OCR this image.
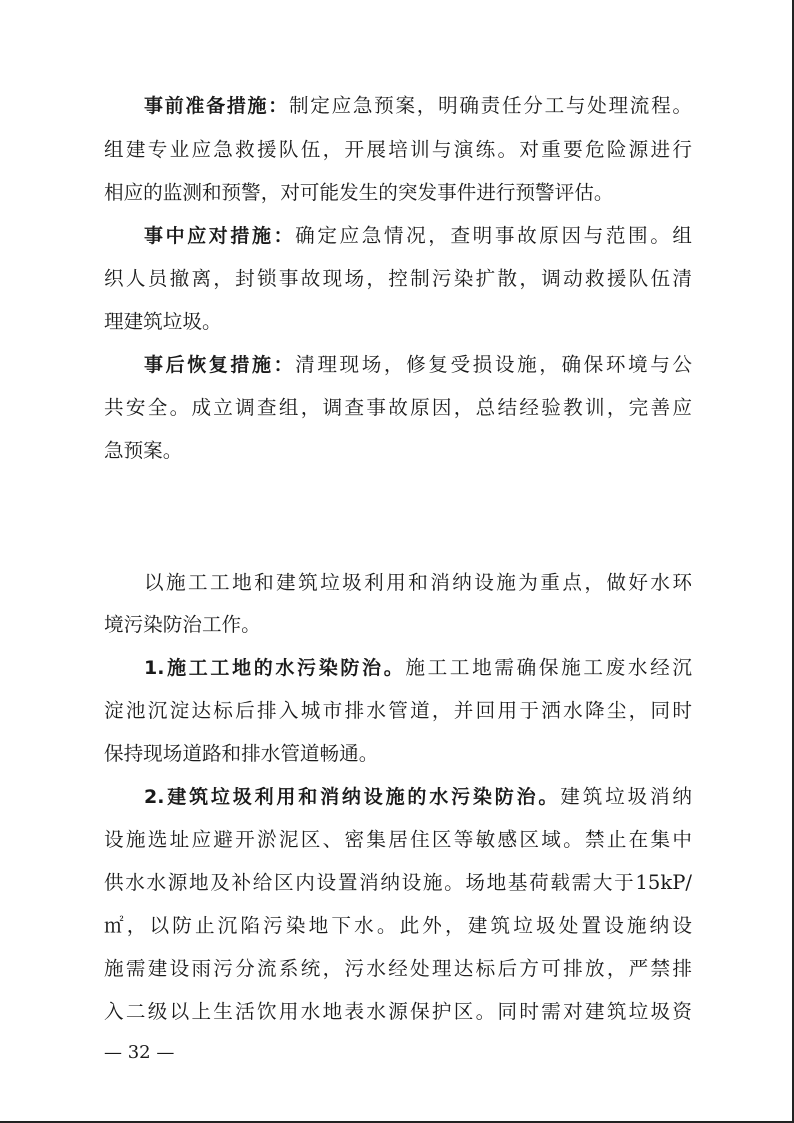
事前准备措施：制定应急预案，明确责任分工与处理流程。
组建专业应急救援队伍，开展培训与演练。对重要危险源进行
相应的监测和预警，对可能发生的突发事件进行预警评估。
事中应对措施：确定应急情况，查明事故原因与范围。组
织人员撤离，封锁事故现场，控制污染扩散，调动救援队伍清
理建筑垃圾。
事后恢复措施：清理现场，修复受损设施，确保环境与公
共安全。成立调查组，调查事故原因，总结经验教训，完善应
急预案。
以施工工地和建筑垃圾利用和消纳设施为重点，做好水环
境污染防治工作。
1.施工工地的水污染防治。施工工地需确保施工废水经沉
淀池沉淀达标后排入城市排水管道，并回用于洒水降尘，同时
保持现场道路和排水管道畅通。
2.建筑垃圾利用和消纳设施的水污染防治。建筑垃圾消纳
设施选址应避开淤泥区、密集居住区等敏感区域。禁止在集中
供水水源地及补给区内设置消纳设施。场地基荷载需大于15kP/
㎡，以防止沉陷污染地下水。此外，建筑垃圾处置设施纳设
施需建设雨污分流系统，污水经处理达标后方可排放，严禁排
入二级以上生活饮用水地表水源保护区。同时需对建筑垃圾资
— 32 —
